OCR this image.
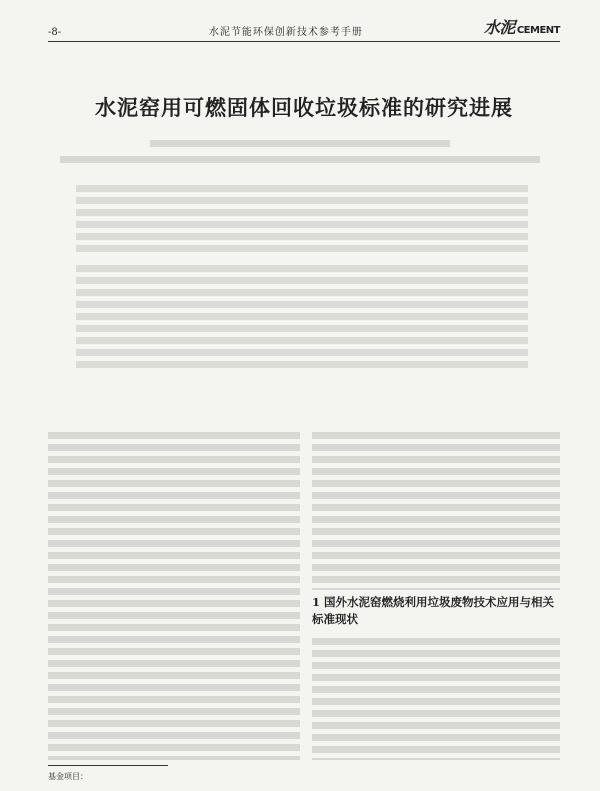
-8-	水泥节能环保创新技术参考手册	水泥 CEMENT
水泥窑用可燃固体回收垃圾标准的研究进展
1 国外水泥窑燃烧利用垃圾废物技术应用与相关标准现状
基金项目：
